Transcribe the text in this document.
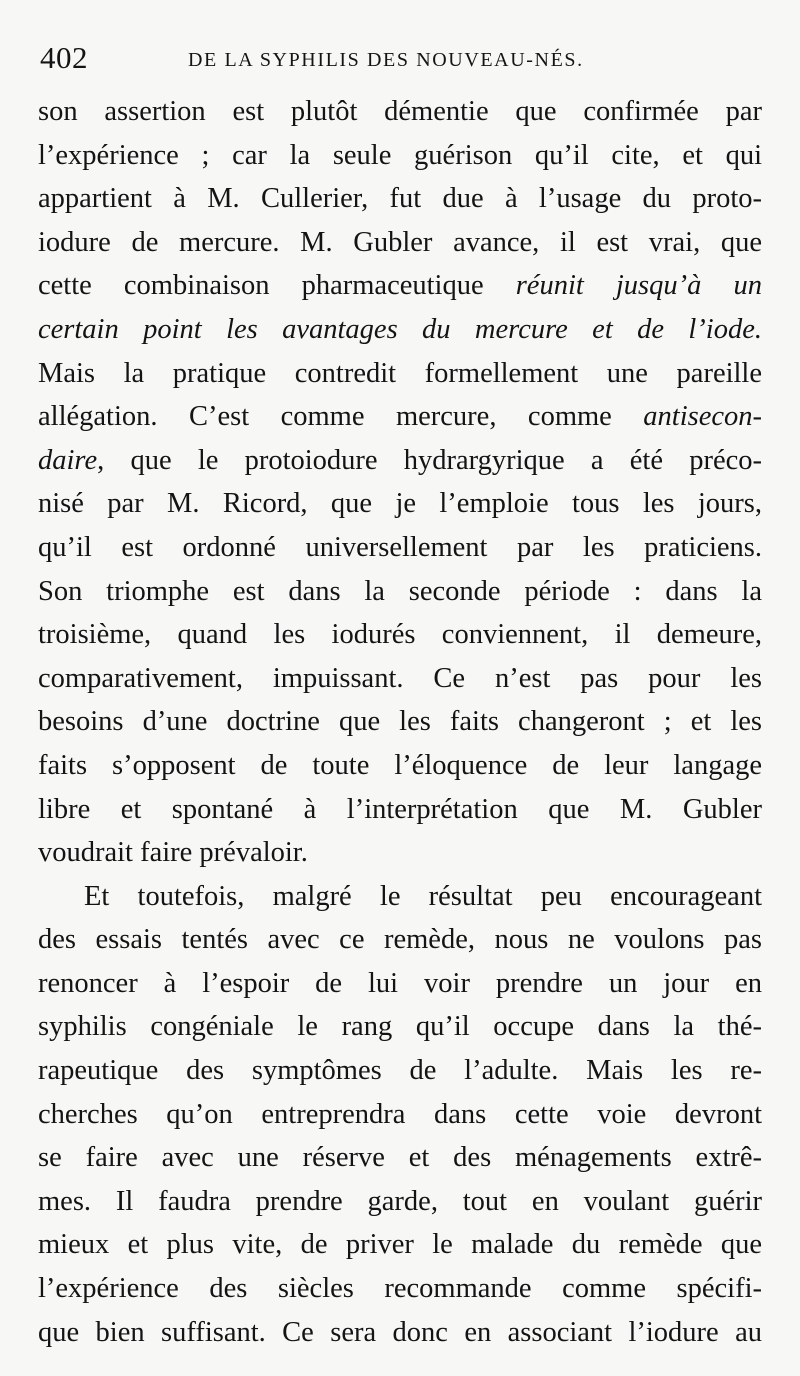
402	DE LA SYPHILIS DES NOUVEAU-NÉS.
son assertion est plutôt démentie que confirmée par
l’expérience ; car la seule guérison qu’il cite, et qui
appartient à M. Cullerier, fut due à l’usage du proto-
iodure de mercure. M. Gubler avance, il est vrai, que
cette combinaison pharmaceutique réunit jusqu’à un
certain point les avantages du mercure et de l’iode.
Mais la pratique contredit formellement une pareille
allégation. C’est comme mercure, comme antisecon-
daire, que le protoiodure hydrargyrique a été préco-
nisé par M. Ricord, que je l’emploie tous les jours,
qu’il est ordonné universellement par les praticiens.
Son triomphe est dans la seconde période : dans la
troisième, quand les iodurés conviennent, il demeure,
comparativement, impuissant. Ce n’est pas pour les
besoins d’une doctrine que les faits changeront ; et les
faits s’opposent de toute l’éloquence de leur langage
libre et spontané à l’interprétation que M. Gubler
voudrait faire prévaloir.
Et toutefois, malgré le résultat peu encourageant
des essais tentés avec ce remède, nous ne voulons pas
renoncer à l’espoir de lui voir prendre un jour en
syphilis congéniale le rang qu’il occupe dans la thé-
rapeutique des symptômes de l’adulte. Mais les re-
cherches qu’on entreprendra dans cette voie devront
se faire avec une réserve et des ménagements extrê-
mes. Il faudra prendre garde, tout en voulant guérir
mieux et plus vite, de priver le malade du remède que
l’expérience des siècles recommande comme spécifi-
que bien suffisant. Ce sera donc en associant l’iodure au
